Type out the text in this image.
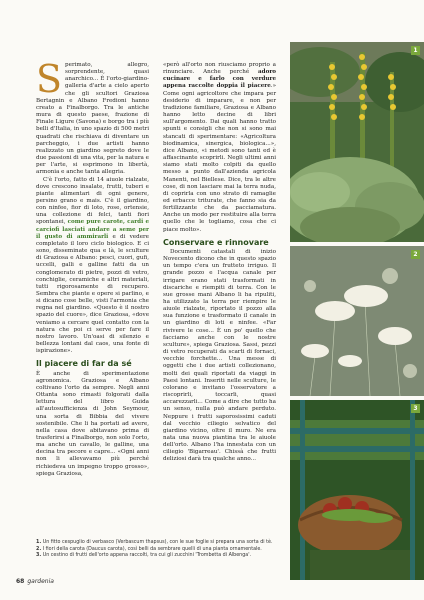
Sperimato, allegro, sorprendente, quasi anarchico... È l'orto-giardino-galleria d'arte a cielo aperto che gli scultori Graziosa Bertagnin e Albano Fredioni hanno creato a Finalborgo. Tra le antiche mura di questo paese, frazione di Finale Ligure (Savona) e borgo tra i più belli d'Italia, in uno spazio di 500 metri quadrati che rischiava di diventare un parcheggio, i due artisti hanno realizzato un giardino segreto dove le due passioni di una vita, per la natura e per l'arte, si esprimono in libertà, armonia e anche tanta allegria.

C'è l'orto, fatto di 14 aiuole rialzate, dove crescono insalate, frutti, tuberi e piante alimentari di ogni genere, persino grano e mais. C'è il giardino, con ninfee, fior di loto, rose, ortensie, una collezione di felci, tanti fiori spontanei, come pure carote, cardi e carciofi lasciati andare a seme per il gusto di ammirarli e di vedere completato il loro ciclo biologico. E ci sono, disseminate qua e là, le sculture di Graziosa e Albano: pesci, cuori, gufi, uccelli, galli e galline fatti da un conglomerato di pietre, pozzi di vetro, conchiglie, ceramiche e altri materiali, tutti rigorosamente di recupero. Sembra che piante e opere si parlino, e si dicano cose belle, visti l'armonia che regna nel giardino. «Questo è il nostro spazio del cuore», dice Graziosa, «dove veniamo a cercare quel contatto con la natura che poi ci serve per fare il nostro lavoro. Un'oasi di silenzio e bellezza lontani dal caos, una fonte di ispirazione».

Il piacere di far da sé

È anche di sperimentazione agronomica. Graziosa e Albano coltivano l'orto da sempre. Negli anni Ottanta sono rimasti folgorati dalla lettura del libro Guida all'autosufficienza di John Seymour, una sorta di Bibbia del vivere sostenibile. Che li ha portati ad avere, nella casa dove abitavano prima di trasferirsi a Finalborgo, non solo l'orto, ma anche un cavallo, le galline, una decina tra pecore e capre... «Ogni anni non li allevavamo più perché richiedeva un impegno troppo grosso», spiega Graziosa,

«però all'orto non riusciamo proprio a rinunciare. Anche perché adoro cucinare e farlo con verdure appena raccolte doppia il piacere.» Come ogni agricoltore che impara per desiderio di imparare, e non per tradizione familiare, Graziosa e Albano hanno letto decine di libri sull'argomento. Dai quali hanno tratto spunti e consigli che non si sono mai stancati di sperimentare: «Agricoltura biodinamica, sinergica, biologica...», dice Albano, «i metodi sono tanti ed è affascinante scoprirli. Negli ultimi anni siamo stati molto colpiti da quello messo a punto dall'azienda agricola Manenti, nel Biellese. Dice, tra le altre cose, di non lasciare mai la terra nuda, di coprirla con uno strato di ramaglie ed erbacce triturate, che fanno sia da fertilizzante che da pacciamatura. Anche un modo per restituire alla terra quello che le togliamo, cosa che ci piace molto».

Conservare e rinnovare

Documenti catastali di inizio Novecento dicono che in questo spazio un tempo c'era un frutteto irriguo. Il grande pozzo e l'acqua canale per irrigare erano stati trasformati in discariche e riempiti di terra. Con le sue grosse mani Albano li ha ripuliti, ha utilizzato la terra per riempire le aiuole rialzate, riportato il pozzo alla sua funzione e trasformato il canale in un giardino di loti e ninfee. «Far rivivere le cose... È un po' quello che facciamo anche con le nostre sculture», spiega Graziosa. Sassi, pezzi di vetro recuperati da scarti di fornaci, vecchie forchette... Una messe di oggetti che i due artisti collezionano, molti dei quali riportati da viaggi in Paesi lontani. Inseriti nelle sculture, le colorano e invitano l'osservatore a riscoprirli, toccarli, quasi accarezzarli... Come a dire che tutto ha un senso, nulla può andare perduto. Neppure i frutti saporosissimi caduti dal vecchio ciliegio selvatico del giardino vicino, oltre il muro. Ne era nata una nuova piantina tra le aiuole dell'orto. Albano l'ha innestata con un ciliegio 'Bigarreau'. Chissà che frutti deliziosi darà tra qualche anno...

1
2
3

1. Un fitto cespuglio di verbasco (Verbascum thapsus), con le sue foglie si prepara una sorta di tè.

2. I fiori della carota (Daucus carota), così belli da sembrare quelli di una pianta ornamentale.

3. Un cestino di frutti dell'orto appena raccolti, tra cui gli zucchini 'Trombetta di Albenga'.

68 gardenia
